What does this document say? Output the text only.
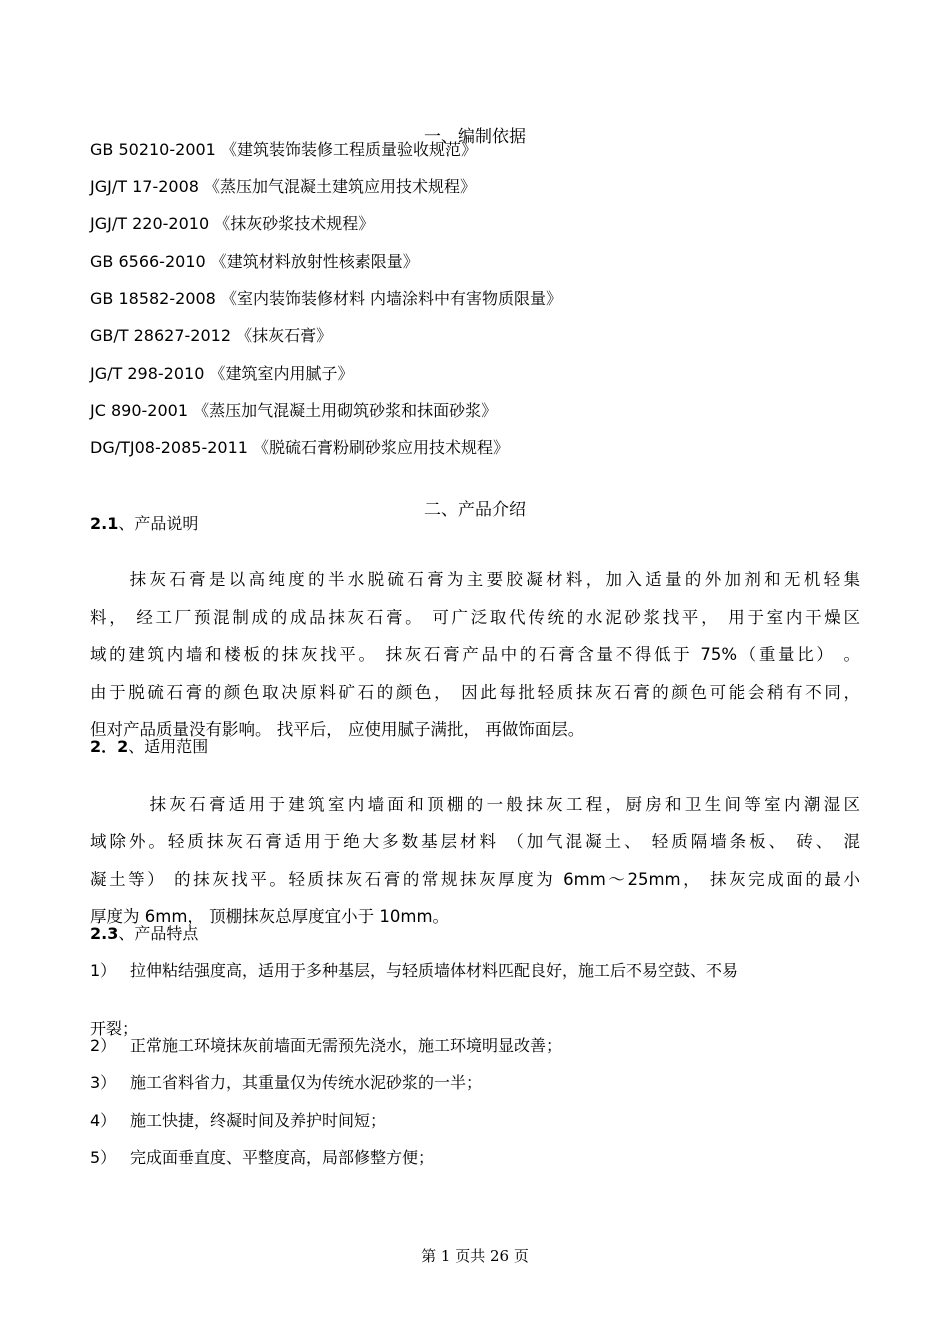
一、编制依据
GB 50210-2001 《建筑装饰装修工程质量验收规范》
JGJ/T 17-2008 《蒸压加气混凝土建筑应用技术规程》
JGJ/T 220-2010 《抹灰砂浆技术规程》
GB 6566-2010 《建筑材料放射性核素限量》
GB 18582-2008 《室内装饰装修材料 内墙涂料中有害物质限量》
GB/T 28627-2012 《抹灰石膏》
JG/T 298-2010 《建筑室内用腻子》
JC 890-2001 《蒸压加气混凝土用砌筑砂浆和抹面砂浆》
DG/TJ08-2085-2011 《脱硫石膏粉刷砂浆应用技术规程》
二、产品介绍
2.1、产品说明
　　抹灰石膏是以高纯度的半水脱硫石膏为主要胶凝材料，加入适量的外加剂和无机轻集
料， 经工厂预混制成的成品抹灰石膏。 可广泛取代传统的水泥砂浆找平， 用于室内干燥区
域的建筑内墙和楼板的抹灰找平。 抹灰石膏产品中的石膏含量不得低于 75%（重量比） 。
由于脱硫石膏的颜色取决原料矿石的颜色， 因此每批轻质抹灰石膏的颜色可能会稍有不同，
但对产品质量没有影响。 找平后， 应使用腻子满批， 再做饰面层。
2．2、适用范围
　　　抹灰石膏适用于建筑室内墙面和顶棚的一般抹灰工程，厨房和卫生间等室内潮湿区
域除外。轻质抹灰石膏适用于绝大多数基层材料 （加气混凝土、 轻质隔墙条板、 砖、 混
凝土等） 的抹灰找平。轻质抹灰石膏的常规抹灰厚度为 6mm～25mm， 抹灰完成面的最小
厚度为 6mm， 顶棚抹灰总厚度宜小于 10mm。
2.3、产品特点
1） 拉伸粘结强度高，适用于多种基层，与轻质墙体材料匹配良好，施工后不易空鼓、不易
开裂；
2） 正常施工环境抹灰前墙面无需预先浇水，施工环境明显改善；
3） 施工省料省力，其重量仅为传统水泥砂浆的一半；
4） 施工快捷，终凝时间及养护时间短；
5） 完成面垂直度、平整度高，局部修整方便；
第 1 页共 26 页
